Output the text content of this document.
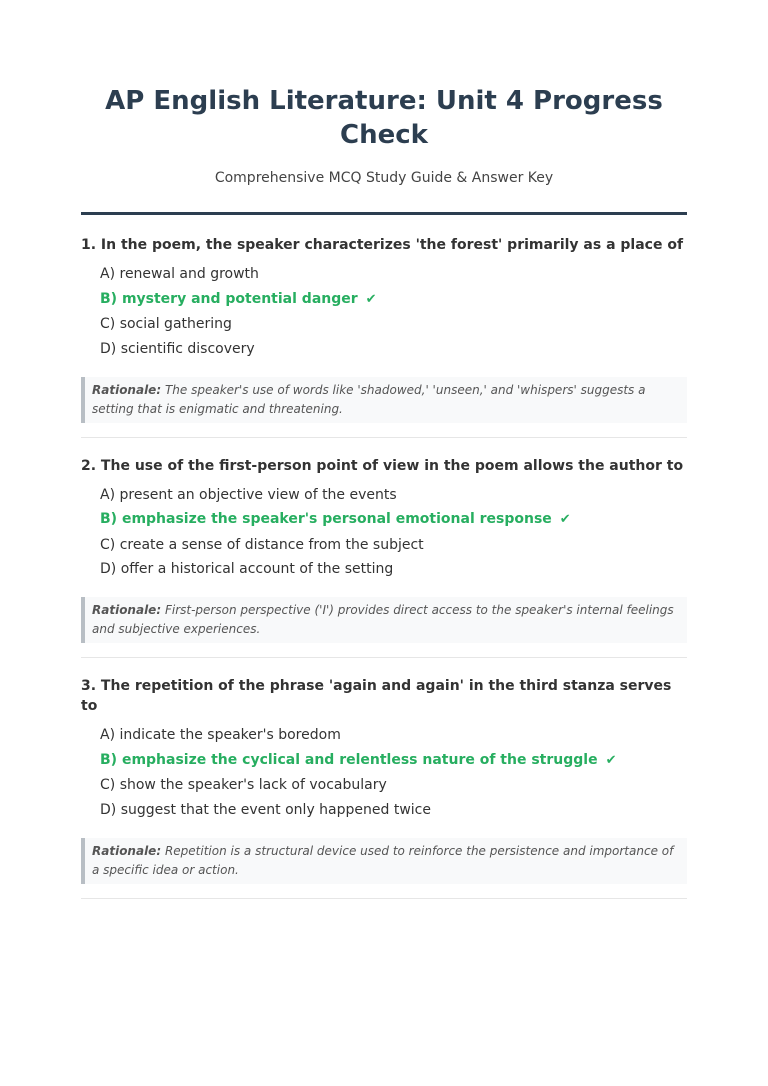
AP English Literature: Unit 4 Progress Check

Comprehensive MCQ Study Guide & Answer Key

1. In the poem, the speaker characterizes 'the forest' primarily as a place of

A) renewal and growth
B) mystery and potential danger ✔
C) social gathering
D) scientific discovery
Rationale: The speaker's use of words like 'shadowed,' 'unseen,' and 'whispers' suggests a setting that is enigmatic and threatening.

2. The use of the first-person point of view in the poem allows the author to

A) present an objective view of the events
B) emphasize the speaker's personal emotional response ✔
C) create a sense of distance from the subject
D) offer a historical account of the setting
Rationale: First-person perspective ('I') provides direct access to the speaker's internal feelings and subjective experiences.

3. The repetition of the phrase 'again and again' in the third stanza serves to

A) indicate the speaker's boredom
B) emphasize the cyclical and relentless nature of the struggle ✔
C) show the speaker's lack of vocabulary
D) suggest that the event only happened twice
Rationale: Repetition is a structural device used to reinforce the persistence and importance of a specific idea or action.
